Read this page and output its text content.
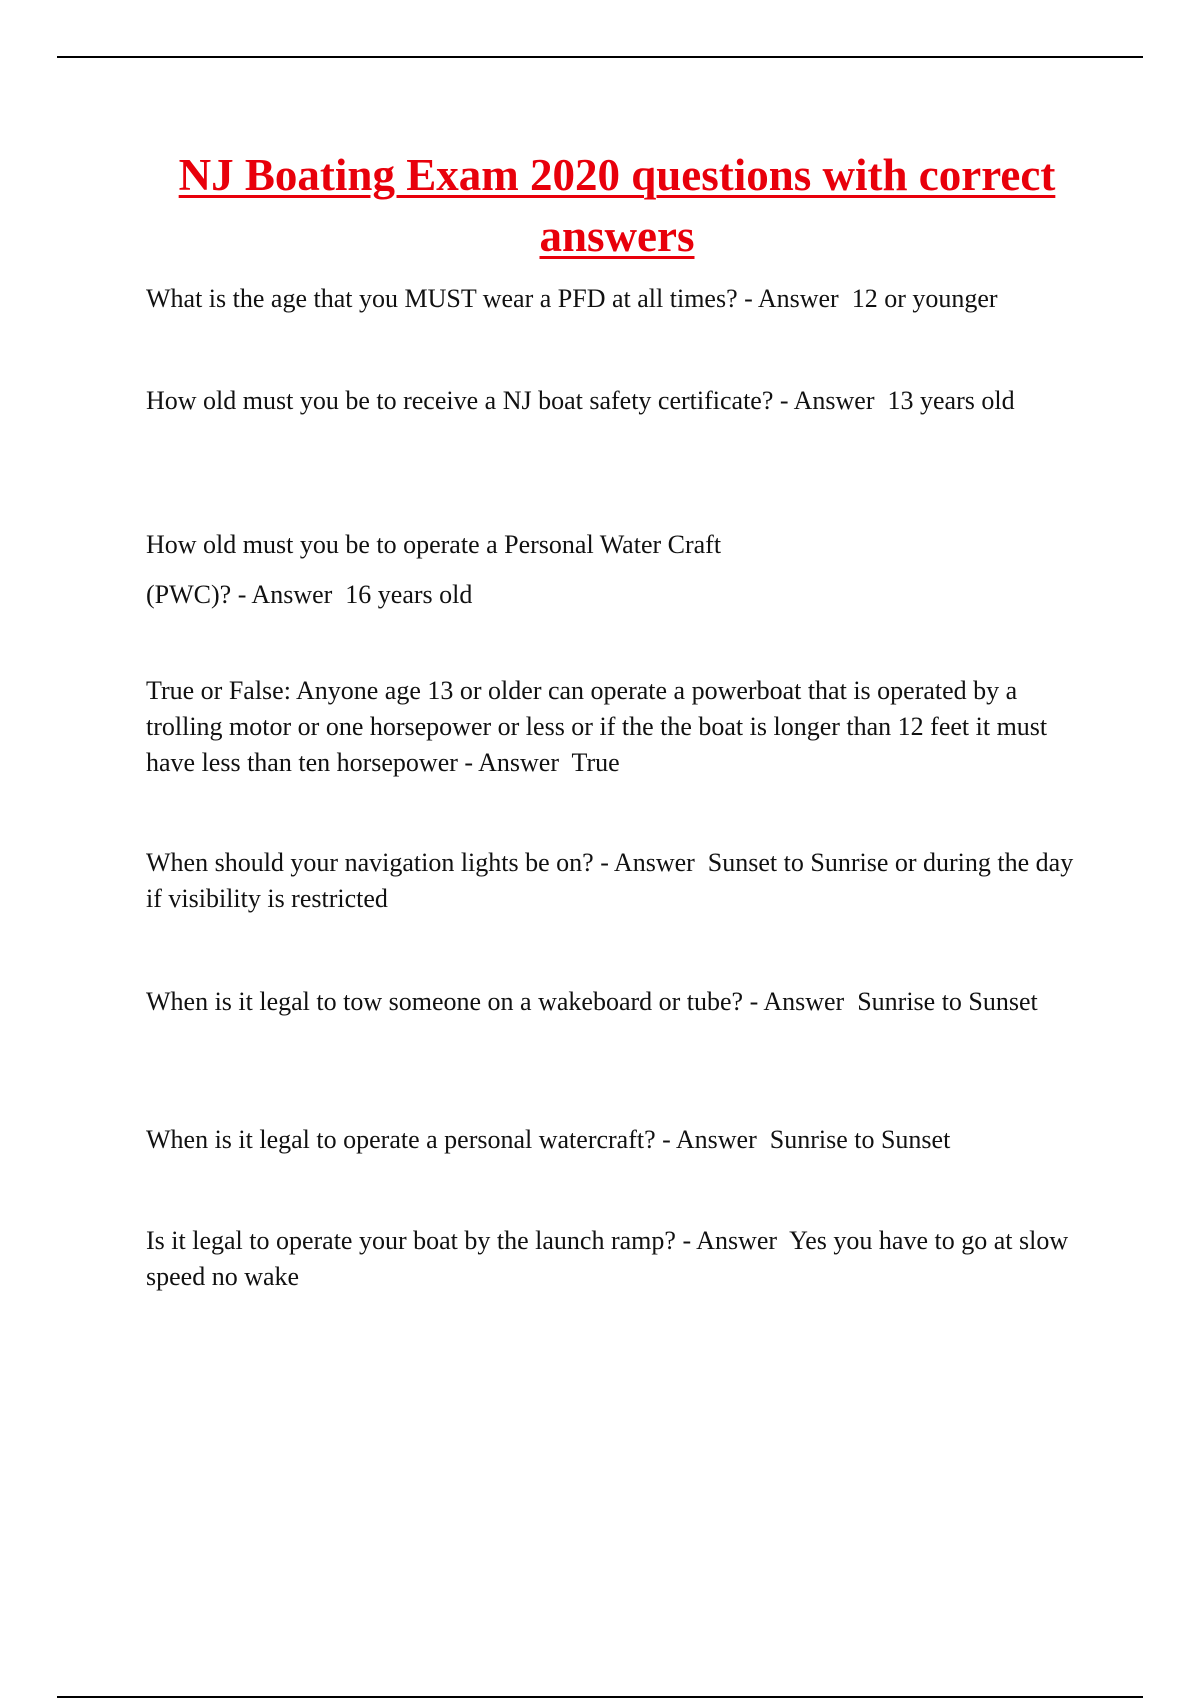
NJ Boating Exam 2020 questions with correct answers

What is the age that you MUST wear a PFD at all times? - Answer  12 or younger

How old must you be to receive a NJ boat safety certificate? - Answer  13 years old

How old must you be to operate a Personal Water Craft
(PWC)? - Answer  16 years old

True or False: Anyone age 13 or older can operate a powerboat that is operated by a trolling motor or one horsepower or less or if the the boat is longer than 12 feet it must have less than ten horsepower - Answer  True

When should your navigation lights be on? - Answer  Sunset to Sunrise or during the day if visibility is restricted

When is it legal to tow someone on a wakeboard or tube? - Answer  Sunrise to Sunset

When is it legal to operate a personal watercraft? - Answer  Sunrise to Sunset

Is it legal to operate your boat by the launch ramp? - Answer  Yes you have to go at slow speed no wake
